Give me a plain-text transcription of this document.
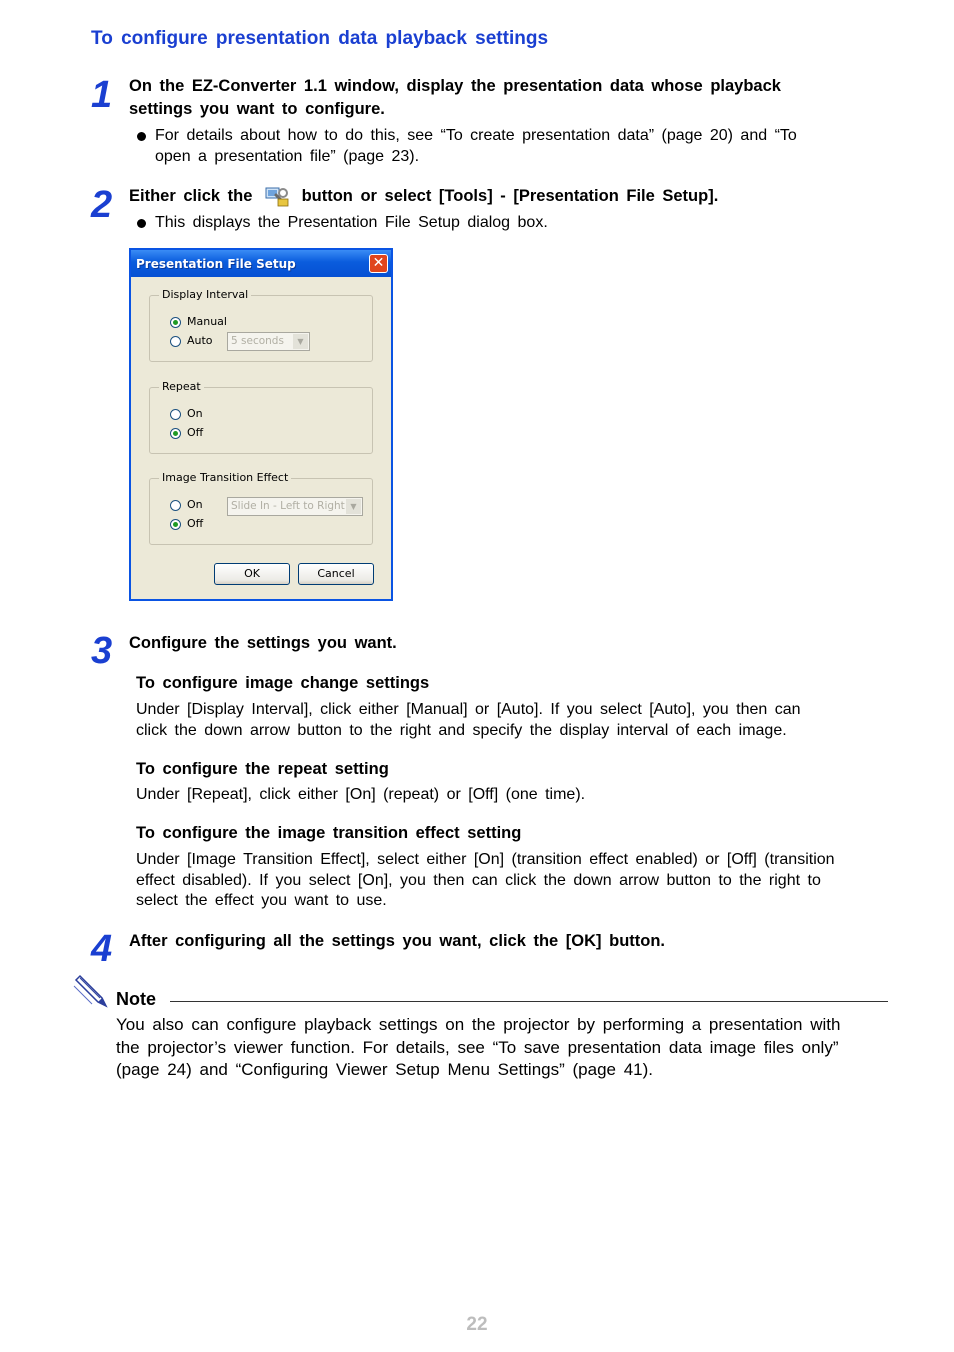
To configure presentation data playback settings
1 On the EZ-Converter 1.1 window, display the presentation data whose playback settings you want to configure.
For details about how to do this, see “To create presentation data” (page 20) and “To open a presentation file” (page 23).
2 Either click the	button or select [Tools] - [Presentation File Setup].
This displays the Presentation File Setup dialog box.
Presentation File Setup	✕
Display Interval
Manual
Auto	5 seconds	▼
Repeat
On
Off
Image Transition Effect
On
Off
Slide In - Left to Right ▼
OK	Cancel
3 Configure the settings you want.
To configure image change settings
Under [Display Interval], click either [Manual] or [Auto]. If you select [Auto], you then can click the down arrow button to the right and specify the display interval of each image.
To configure the repeat setting
Under [Repeat], click either [On] (repeat) or [Off] (one time).
To configure the image transition effect setting
Under [Image Transition Effect], select either [On] (transition effect enabled) or [Off] (transition effect disabled). If you select [On], you then can click the down arrow button to the right to select the effect you want to use.
4 After configuring all the settings you want, click the [OK] button.
Note
You also can configure playback settings on the projector by performing a presentation with the projector’s viewer function. For details, see “To save presentation data image files only” (page 24) and “Configuring Viewer Setup Menu Settings” (page 41).
22
